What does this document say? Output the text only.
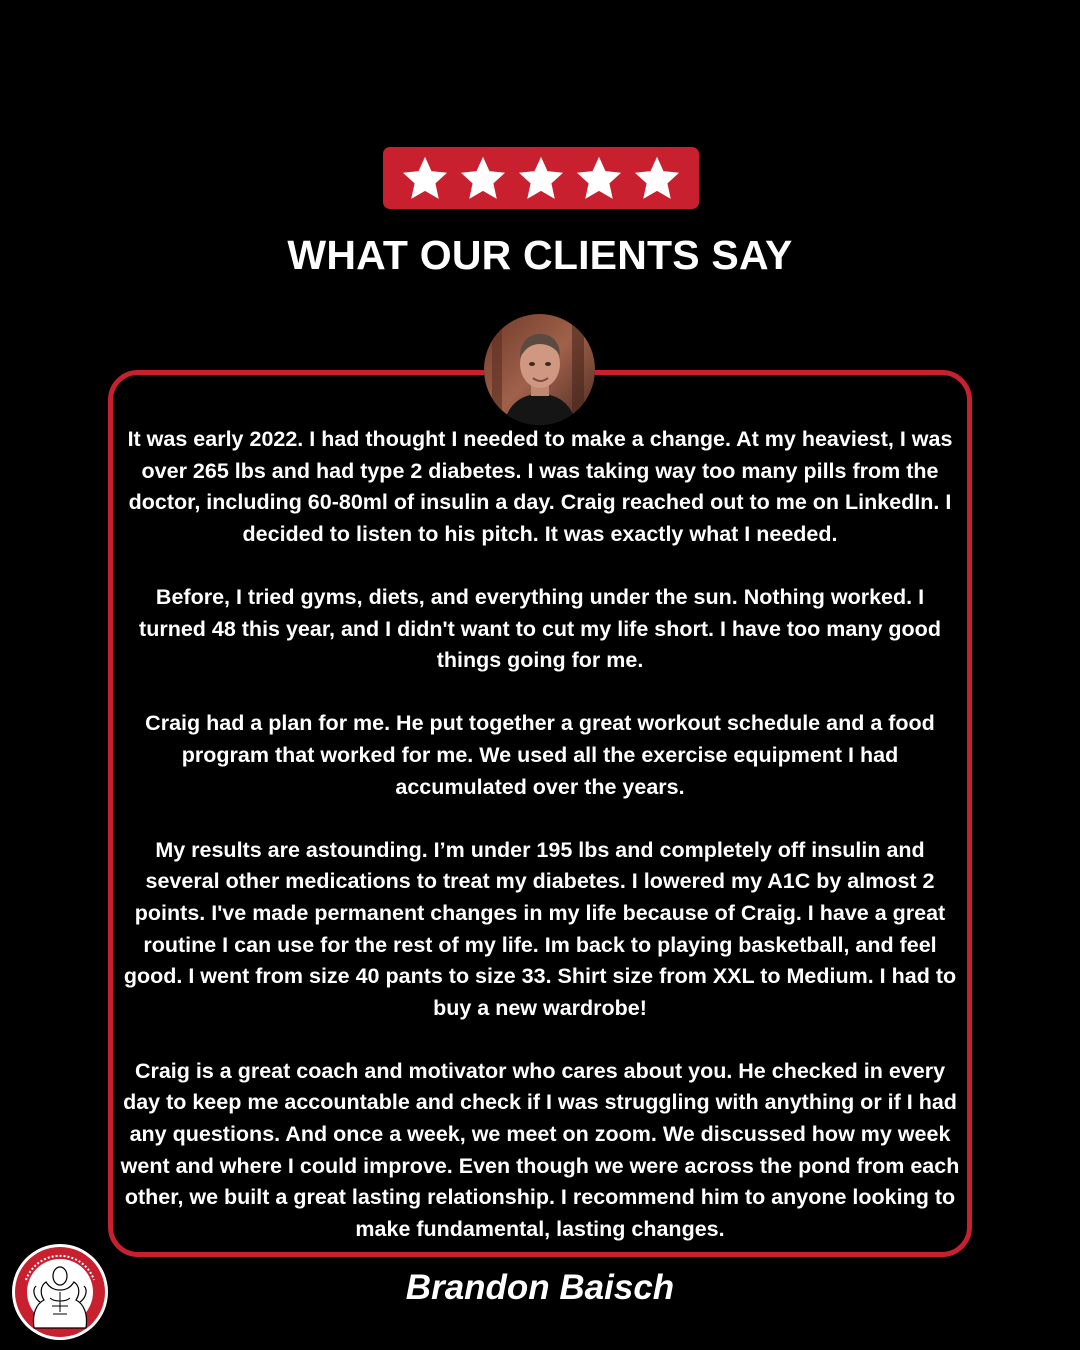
WHAT OUR CLIENTS SAY

It was early 2022. I had thought I needed to make a change. At my heaviest, I was over 265 lbs and had type 2 diabetes. I was taking way too many pills from the doctor, including 60-80ml of insulin a day. Craig reached out to me on LinkedIn. I decided to listen to his pitch. It was exactly what I needed.

Before, I tried gyms, diets, and everything under the sun. Nothing worked. I turned 48 this year, and I didn't want to cut my life short. I have too many good things going for me.

Craig had a plan for me. He put together a great workout schedule and a food program that worked for me. We used all the exercise equipment I had accumulated over the years.

My results are astounding. I’m under 195 lbs and completely off insulin and several other medications to treat my diabetes. I lowered my A1C by almost 2 points. I've made permanent changes in my life because of Craig. I have a great routine I can use for the rest of my life. Im back to playing basketball, and feel good. I went from size 40 pants to size 33. Shirt size from XXL to Medium. I had to buy a new wardrobe!

Craig is a great coach and motivator who cares about you. He checked in every day to keep me accountable and check if I was struggling with anything or if I had any questions. And once a week, we meet on zoom. We discussed how my week went and where I could improve. Even though we were across the pond from each other, we built a great lasting relationship. I recommend him to anyone looking to make fundamental, lasting changes.

Brandon Baisch
